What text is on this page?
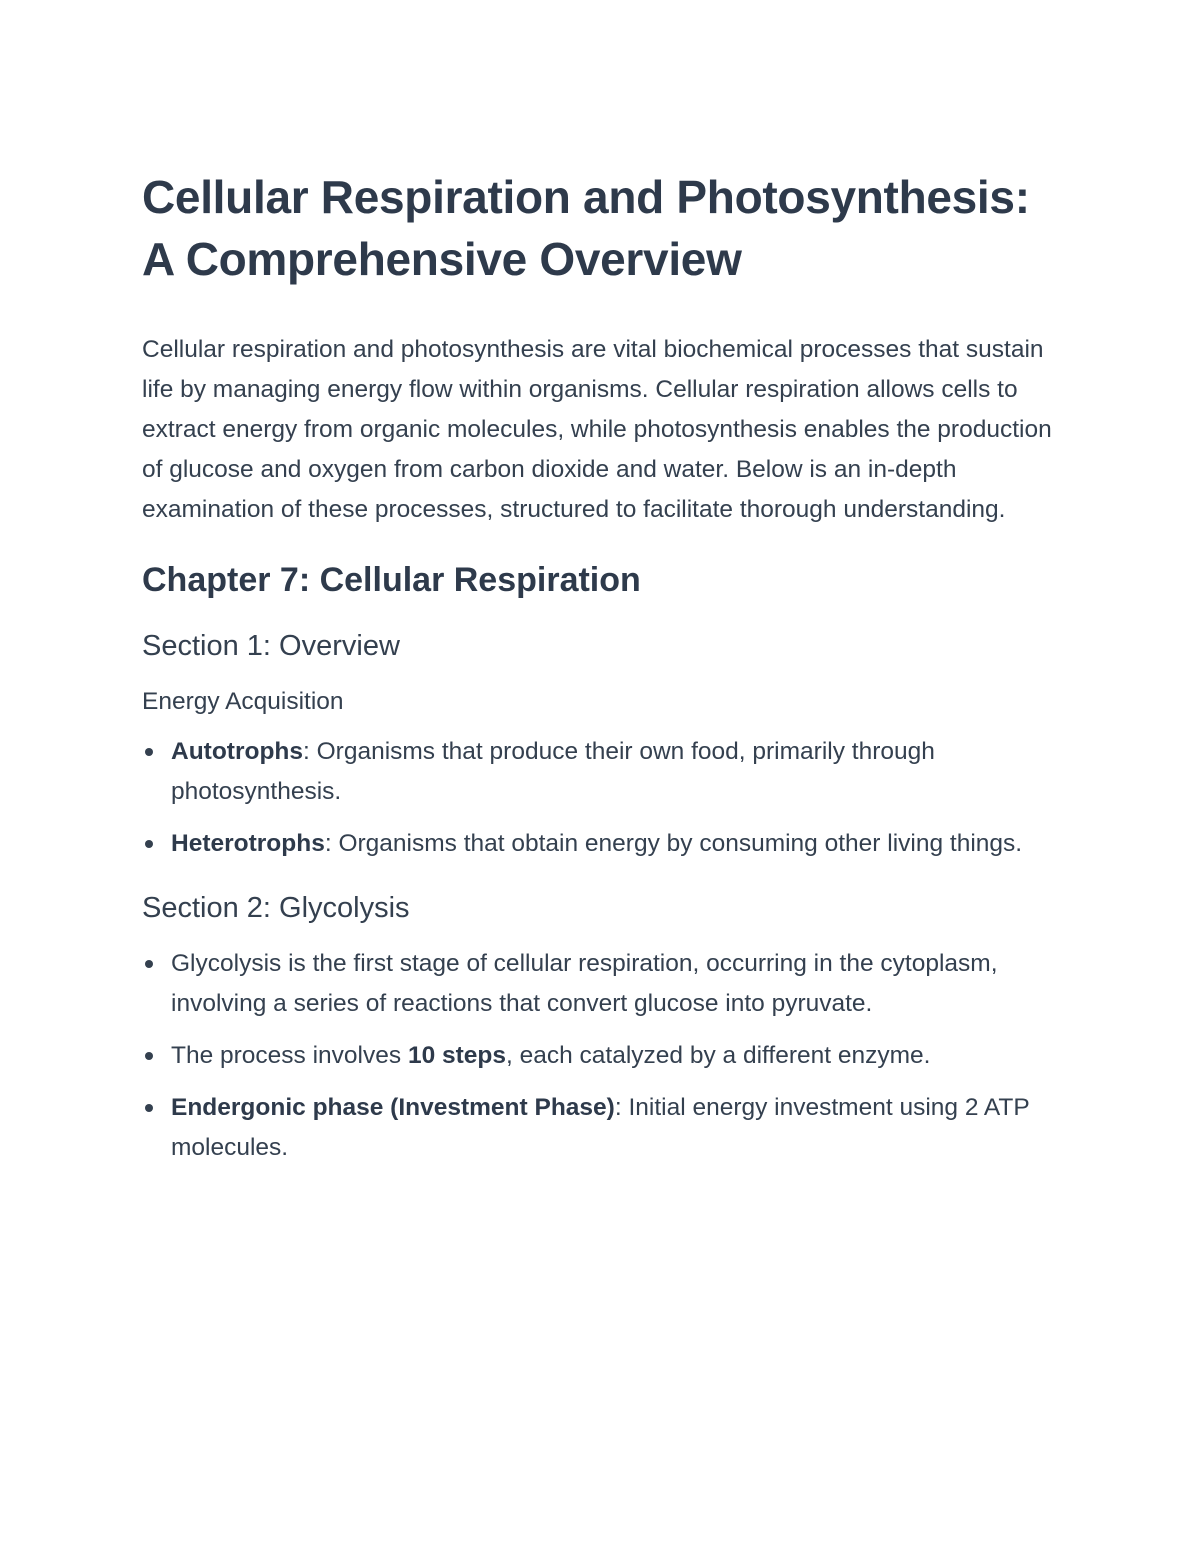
Cellular Respiration and Photosynthesis: A Comprehensive Overview

Cellular respiration and photosynthesis are vital biochemical processes that sustain life by managing energy flow within organisms. Cellular respiration allows cells to extract energy from organic molecules, while photosynthesis enables the production of glucose and oxygen from carbon dioxide and water. Below is an in-depth examination of these processes, structured to facilitate thorough understanding.

Chapter 7: Cellular Respiration
Section 1: Overview
Energy Acquisition
Autotrophs: Organisms that produce their own food, primarily through photosynthesis.
Heterotrophs: Organisms that obtain energy by consuming other living things.
Section 2: Glycolysis
Glycolysis is the first stage of cellular respiration, occurring in the cytoplasm, involving a series of reactions that convert glucose into pyruvate.
The process involves 10 steps, each catalyzed by a different enzyme.
Endergonic phase (Investment Phase): Initial energy investment using 2 ATP molecules.
